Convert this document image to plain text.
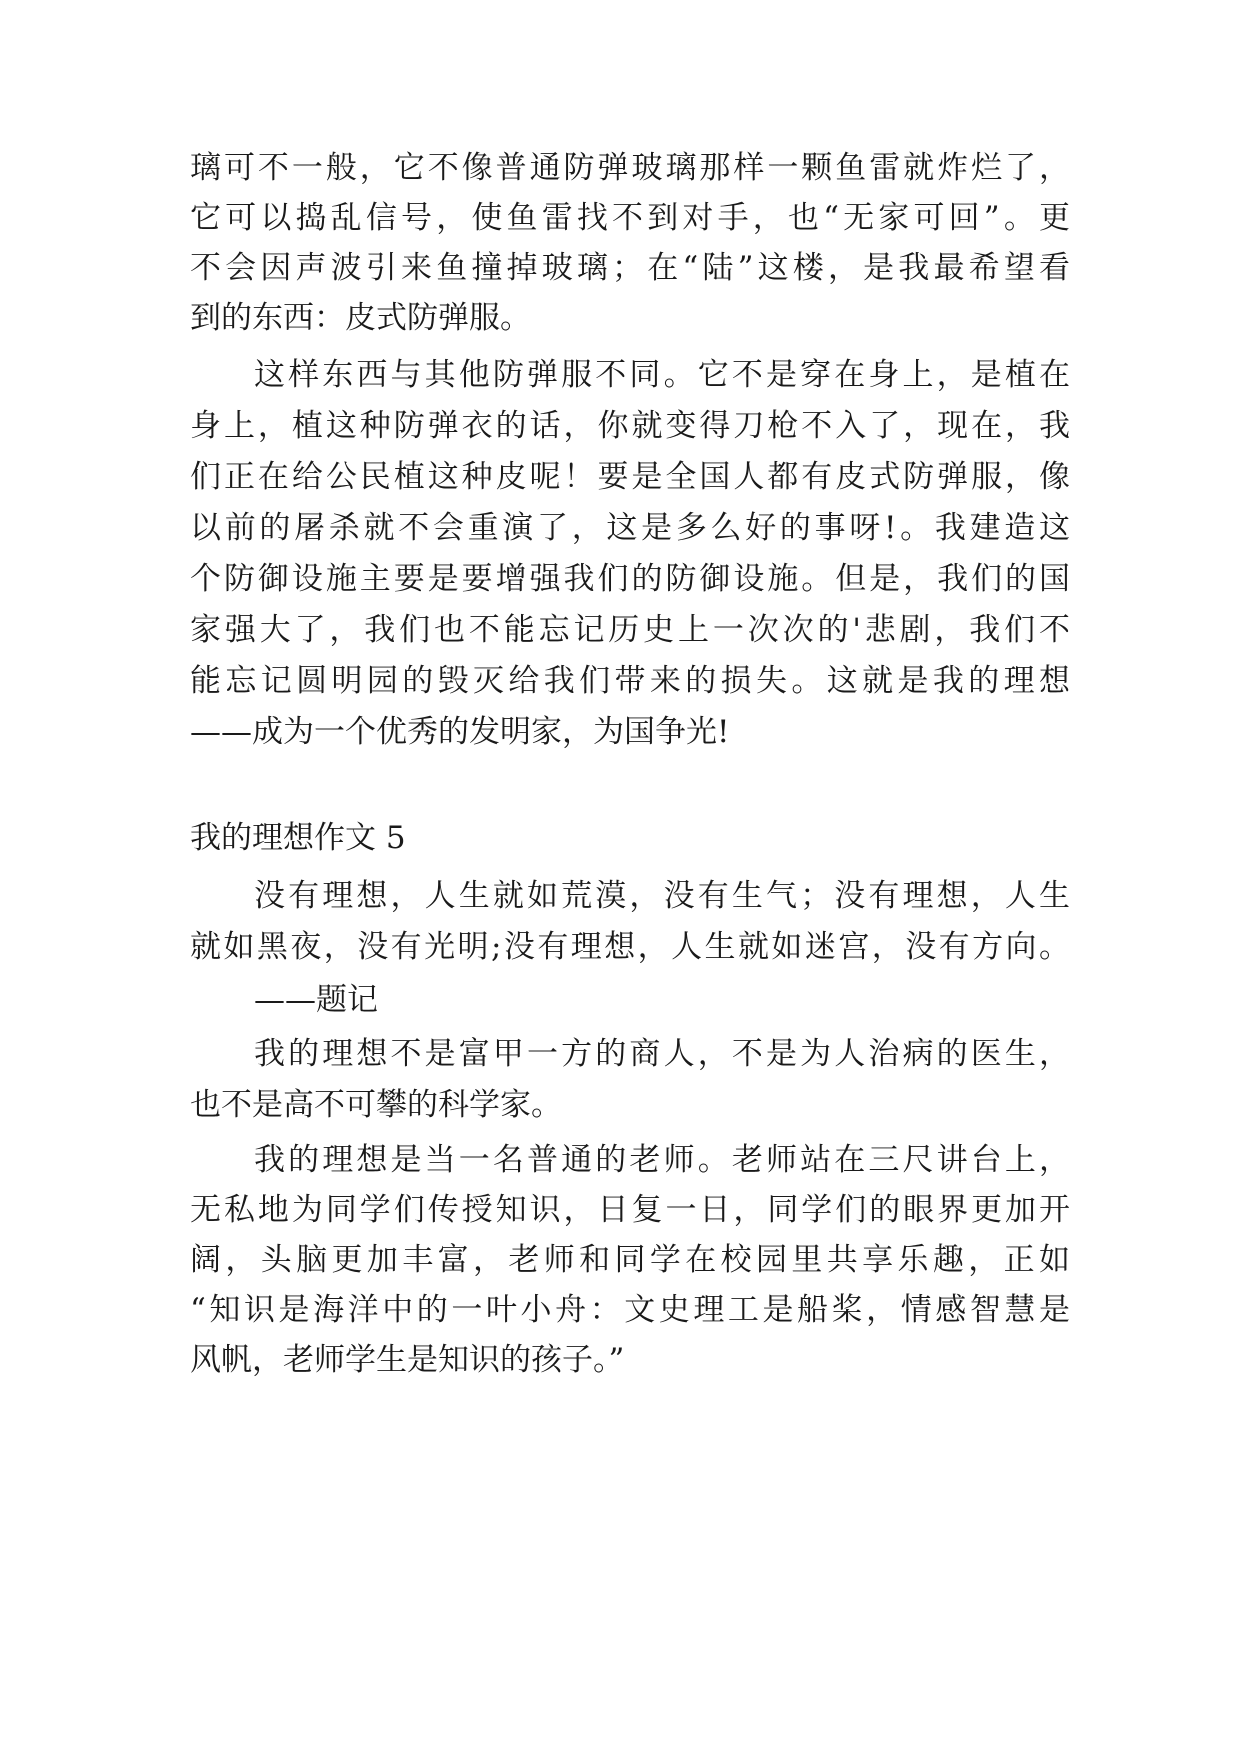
璃可不一般，它不像普通防弹玻璃那样一颗鱼雷就炸烂了，
它可以捣乱信号，使鱼雷找不到对手，也“无家可回”。更
不会因声波引来鱼撞掉玻璃；在“陆”这楼，是我最希望看
到的东西：皮式防弹服。
这样东西与其他防弹服不同。它不是穿在身上，是植在
身上，植这种防弹衣的话，你就变得刀枪不入了，现在，我
们正在给公民植这种皮呢！要是全国人都有皮式防弹服，像
以前的屠杀就不会重演了，这是多么好的事呀!。我建造这
个防御设施主要是要增强我们的防御设施。但是，我们的国
家强大了，我们也不能忘记历史上一次次的'悲剧，我们不
能忘记圆明园的毁灭给我们带来的损失。这就是我的理想
——成为一个优秀的发明家，为国争光!
我的理想作文 5
没有理想，人生就如荒漠，没有生气；没有理想，人生
就如黑夜，没有光明;没有理想，人生就如迷宫，没有方向。
——题记
我的理想不是富甲一方的商人，不是为人治病的医生，
也不是高不可攀的科学家。
我的理想是当一名普通的老师。老师站在三尺讲台上，
无私地为同学们传授知识，日复一日，同学们的眼界更加开
阔，头脑更加丰富，老师和同学在校园里共享乐趣，正如
“知识是海洋中的一叶小舟：文史理工是船桨，情感智慧是
风帆，老师学生是知识的孩子。”
